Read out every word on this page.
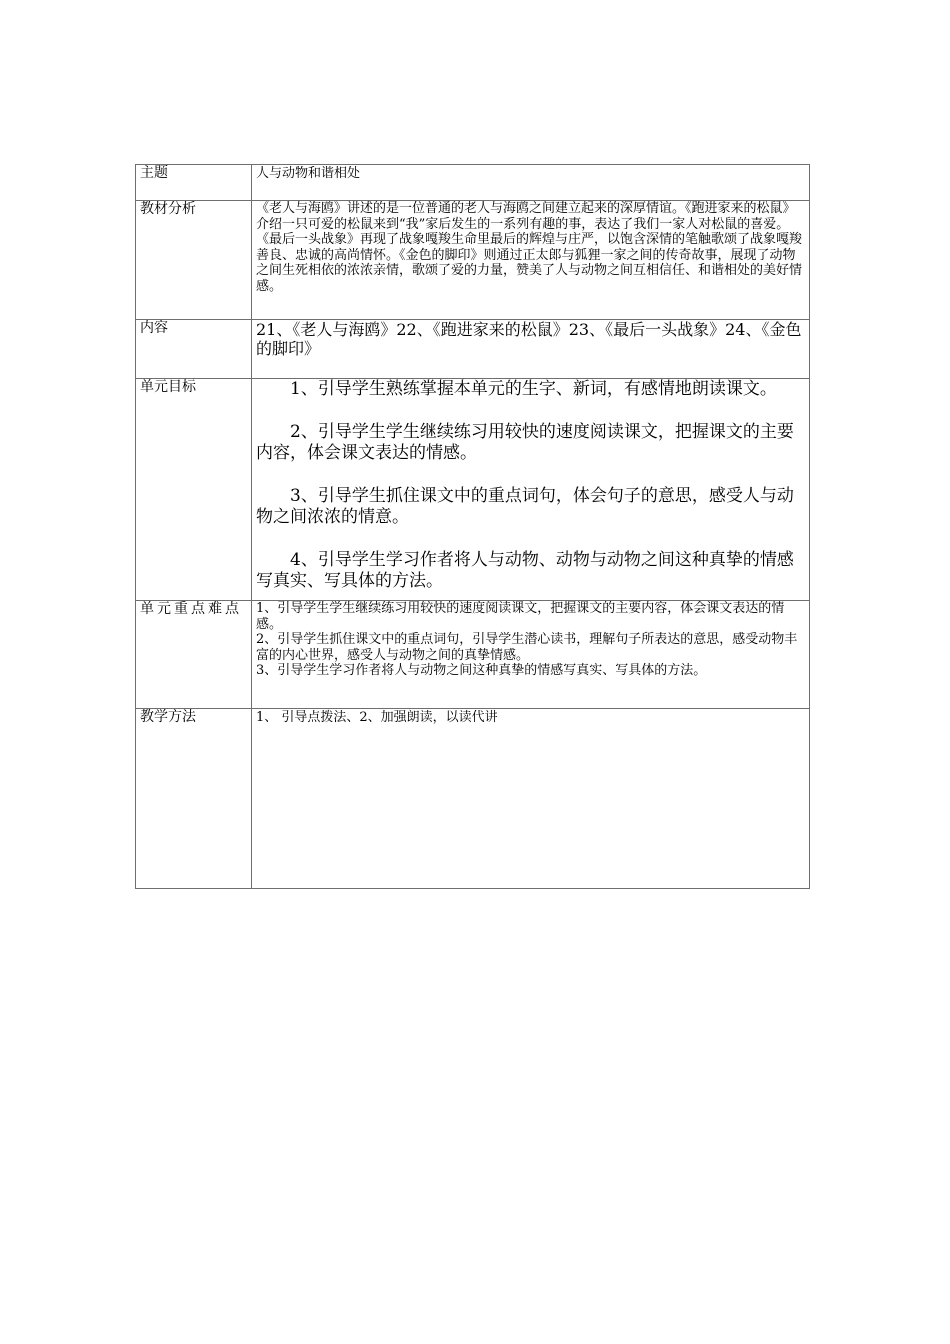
主题	人与动物和谐相处
教材分析	《老人与海鸥》讲述的是一位普通的老人与海鸥之间建立起来的深厚情谊。《跑进家来的松鼠》介绍一只可爱的松鼠来到“我”家后发生的一系列有趣的事，表达了我们一家人对松鼠的喜爱。《最后一头战象》再现了战象嘎羧生命里最后的辉煌与庄严，以饱含深情的笔触歌颂了战象嘎羧善良、忠诚的高尚情怀。《金色的脚印》则通过正太郎与狐狸一家之间的传奇故事，展现了动物之间生死相依的浓浓亲情，歌颂了爱的力量，赞美了人与动物之间互相信任、和谐相处的美好情感。
内容	21、《老人与海鸥》22、《跑进家来的松鼠》23、《最后一头战象》24、《金色的脚印》
单元目标	1、引导学生熟练掌握本单元的生字、新词，有感情地朗读课文。

2、引导学生学生继续练习用较快的速度阅读课文，把握课文的主要内容，体会课文表达的情感。

3、引导学生抓住课文中的重点词句，体会句子的意思，感受人与动物之间浓浓的情意。

4、引导学生学习作者将人与动物、动物与动物之间这种真挚的情感写真实、写具体的方法。

单元重点难点	1、引导学生学生继续练习用较快的速度阅读课文，把握课文的主要内容，体会课文表达的情感。

2、引导学生抓住课文中的重点词句，引导学生潜心读书，理解句子所表达的意思，感受动物丰富的内心世界，感受人与动物之间的真挚情感。

3、引导学生学习作者将人与动物之间这种真挚的情感写真实、写具体的方法。

教学方法	1、 引导点拨法、2、加强朗读，以读代讲
